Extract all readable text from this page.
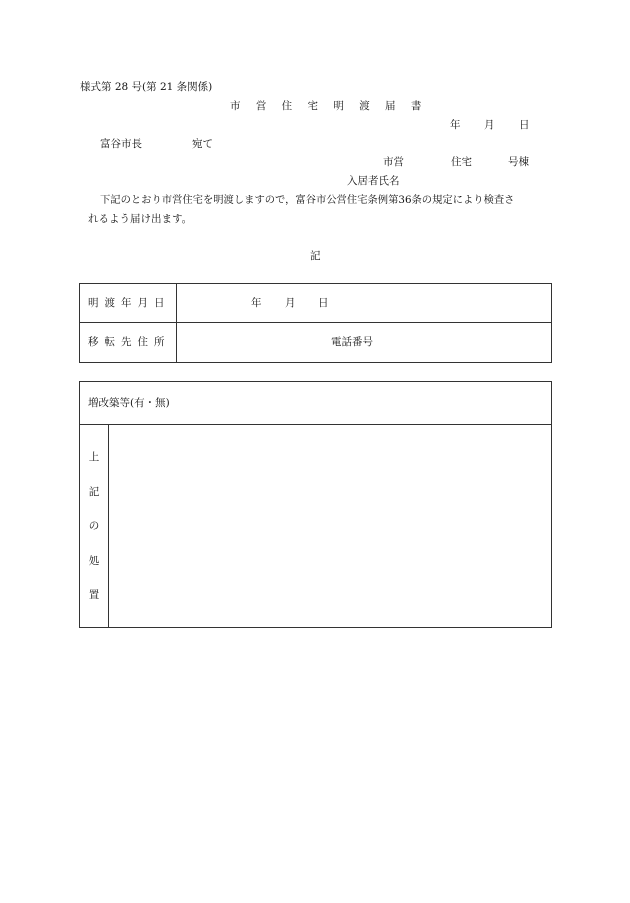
様式第 28 号(第 21 条関係)
市 営 住 宅 明 渡 届 書
年 月 日
富谷市長	宛て
市営	住宅	号棟
入居者氏名
下記のとおり市営住宅を明渡しますので，富谷市公営住宅条例第36条の規定により検査さ
れるよう届け出ます。
記
明渡年月日	年 月 日
移転先住所	電話番号
増改築等(有・無)
上
記
の
処
置
